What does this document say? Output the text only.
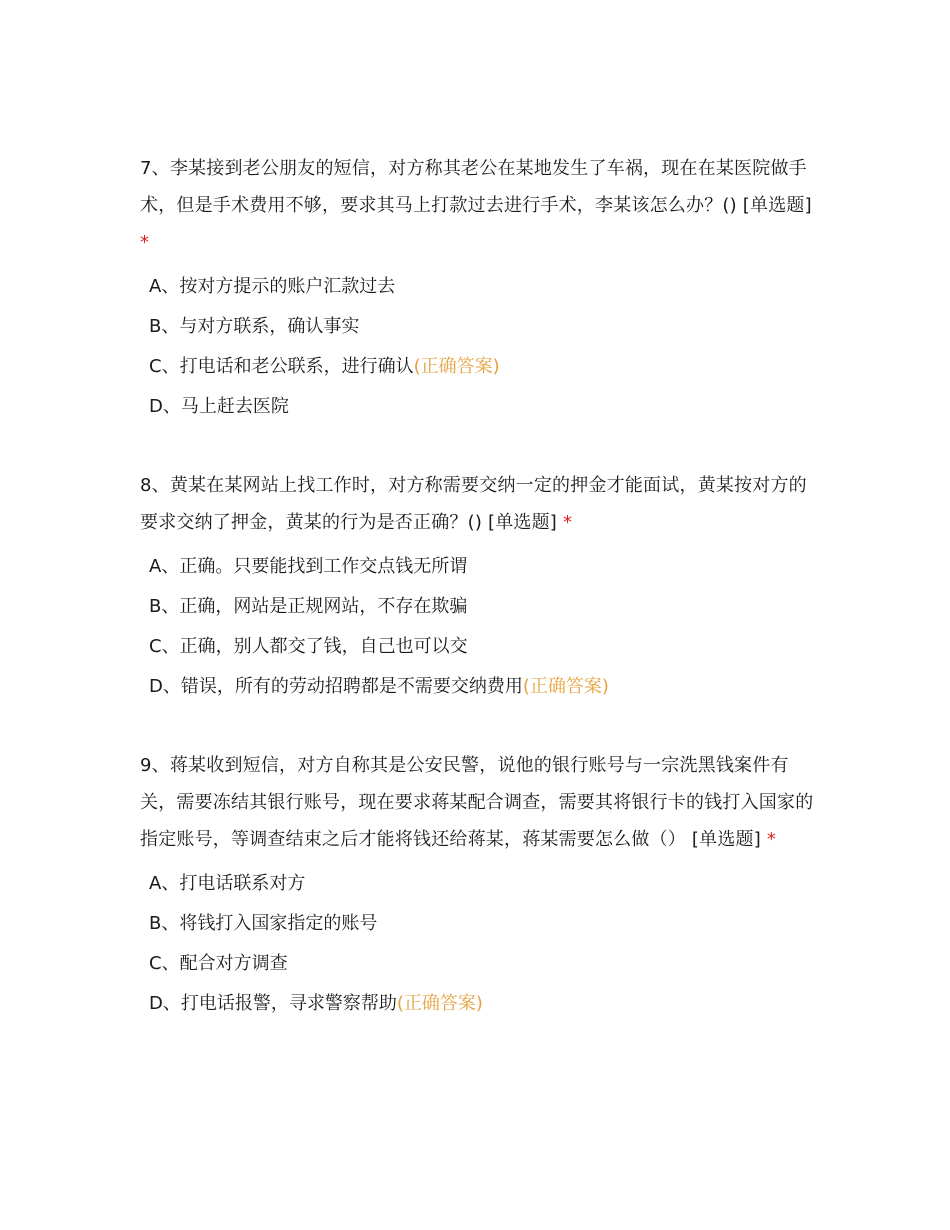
7、李某接到老公朋友的短信，对方称其老公在某地发生了车祸，现在在某医院做手术，但是手术费用不够，要求其马上打款过去进行手术，李某该怎么办？() [单选题] *

A、按对方提示的账户汇款过去
B、与对方联系，确认事实
C、打电话和老公联系，进行确认(正确答案)
D、马上赶去医院

8、黄某在某网站上找工作时，对方称需要交纳一定的押金才能面试，黄某按对方的要求交纳了押金，黄某的行为是否正确？() [单选题] *

A、正确。只要能找到工作交点钱无所谓
B、正确，网站是正规网站，不存在欺骗
C、正确，别人都交了钱，自己也可以交
D、错误，所有的劳动招聘都是不需要交纳费用(正确答案)

9、蒋某收到短信，对方自称其是公安民警，说他的银行账号与一宗洗黑钱案件有关，需要冻结其银行账号，现在要求蒋某配合调查，需要其将银行卡的钱打入国家的指定账号，等调查结束之后才能将钱还给蒋某，蒋某需要怎么做（） [单选题] *

A、打电话联系对方
B、将钱打入国家指定的账号
C、配合对方调查
D、打电话报警，寻求警察帮助(正确答案)
